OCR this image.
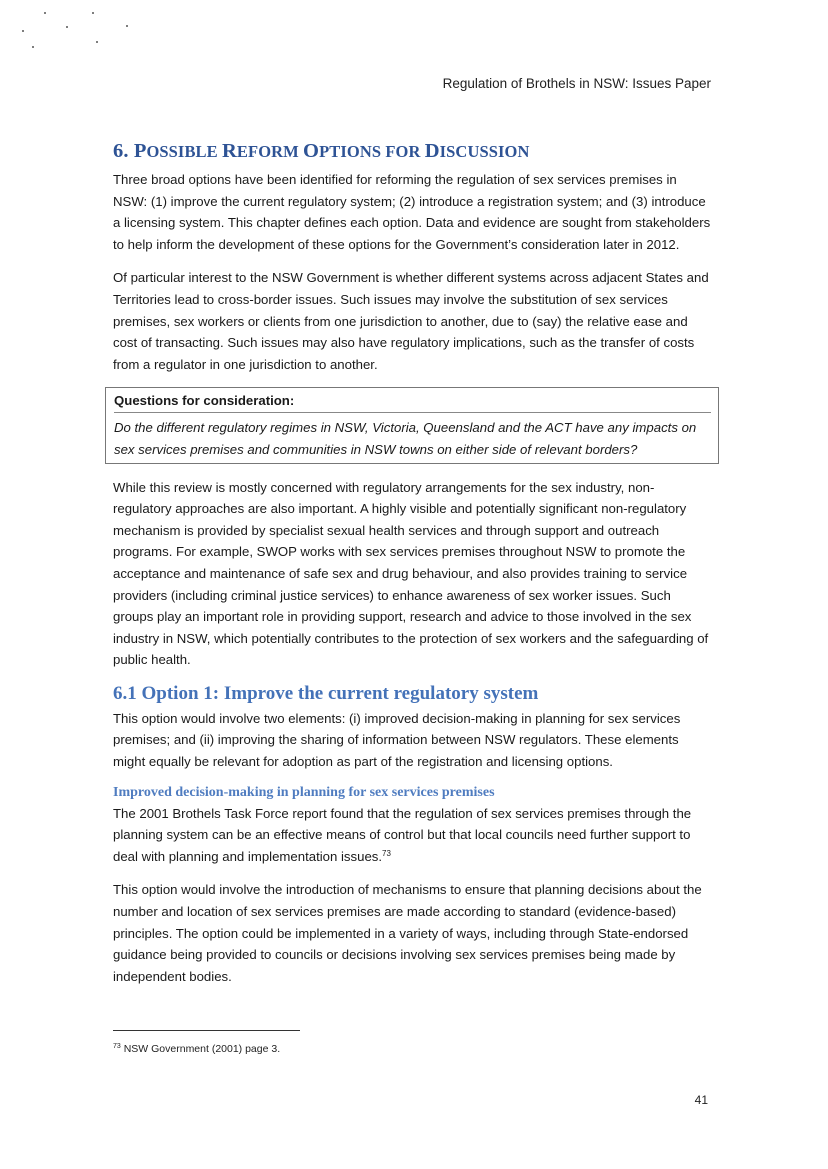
Regulation of Brothels in NSW: Issues Paper
6. POSSIBLE REFORM OPTIONS FOR DISCUSSION

Three broad options have been identified for reforming the regulation of sex services premises in NSW: (1) improve the current regulatory system; (2) introduce a registration system; and (3) introduce a licensing system. This chapter defines each option. Data and evidence are sought from stakeholders to help inform the development of these options for the Government’s consideration later in 2012.

Of particular interest to the NSW Government is whether different systems across adjacent States and Territories lead to cross-border issues. Such issues may involve the substitution of sex services premises, sex workers or clients from one jurisdiction to another, due to (say) the relative ease and cost of transacting. Such issues may also have regulatory implications, such as the transfer of costs from a regulator in one jurisdiction to another.

Questions for consideration:

Do the different regulatory regimes in NSW, Victoria, Queensland and the ACT have any impacts on sex services premises and communities in NSW towns on either side of relevant borders?

While this review is mostly concerned with regulatory arrangements for the sex industry, non-regulatory approaches are also important. A highly visible and potentially significant non-regulatory mechanism is provided by specialist sexual health services and through support and outreach programs. For example, SWOP works with sex services premises throughout NSW to promote the acceptance and maintenance of safe sex and drug behaviour, and also provides training to service providers (including criminal justice services) to enhance awareness of sex worker issues. Such groups play an important role in providing support, research and advice to those involved in the sex industry in NSW, which potentially contributes to the protection of sex workers and the safeguarding of public health.

6.1 Option 1: Improve the current regulatory system

This option would involve two elements: (i) improved decision-making in planning for sex services premises; and (ii) improving the sharing of information between NSW regulators. These elements might equally be relevant for adoption as part of the registration and licensing options.

Improved decision-making in planning for sex services premises

The 2001 Brothels Task Force report found that the regulation of sex services premises through the planning system can be an effective means of control but that local councils need further support to deal with planning and implementation issues.$^{73}$

This option would involve the introduction of mechanisms to ensure that planning decisions about the number and location of sex services premises are made according to standard (evidence-based) principles. The option could be implemented in a variety of ways, including through State-endorsed guidance being provided to councils or decisions involving sex services premises being made by independent bodies.

$^{73}$ NSW Government (2001) page 3.
41
